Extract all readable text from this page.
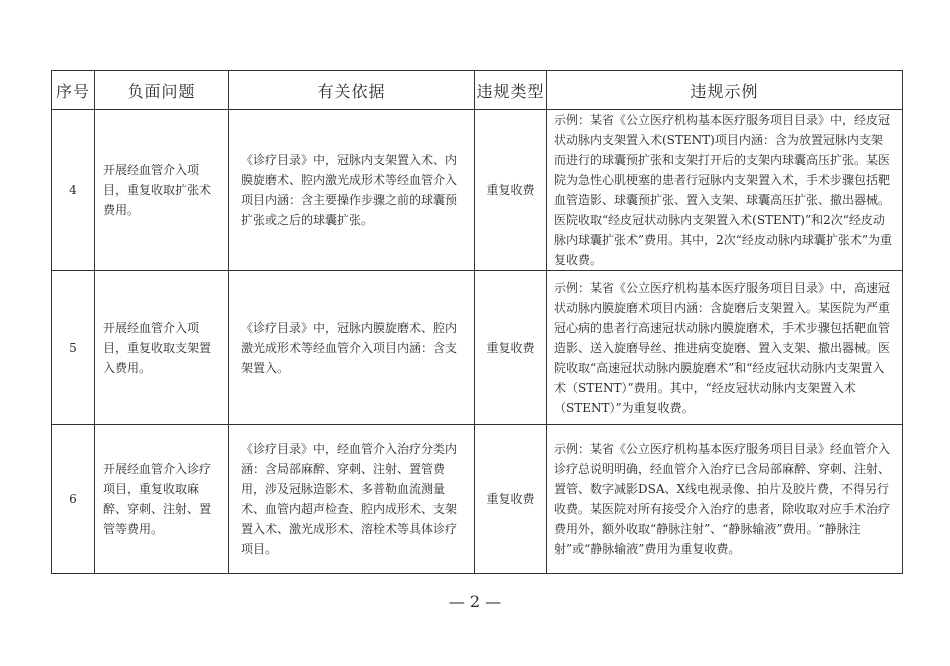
序号	负面问题	有关依据	违规类型	违规示例
4	开展经血管介入项目，重复收取扩张术费用。	《诊疗目录》中，冠脉内支架置入术、内膜旋磨术、腔内激光成形术等经血管介入项目内涵：含主要操作步骤之前的球囊预扩张或之后的球囊扩张。	重复收费	示例：某省《公立医疗机构基本医疗服务项目目录》中，经皮冠状动脉内支架置入术(STENT)项目内涵：含为放置冠脉内支架而进行的球囊预扩张和支架打开后的支架内球囊高压扩张。某医院为急性心肌梗塞的患者行冠脉内支架置入术，手术步骤包括靶血管造影、球囊预扩张、置入支架、球囊高压扩张、撤出器械。医院收取“经皮冠状动脉内支架置入术(STENT)”和2次“经皮动脉内球囊扩张术”费用。其中，2次“经皮动脉内球囊扩张术”为重复收费。
5	开展经血管介入项目，重复收取支架置入费用。	《诊疗目录》中，冠脉内膜旋磨术、腔内激光成形术等经血管介入项目内涵：含支架置入。	重复收费	示例：某省《公立医疗机构基本医疗服务项目目录》中，高速冠状动脉内膜旋磨术项目内涵：含旋磨后支架置入。某医院为严重冠心病的患者行高速冠状动脉内膜旋磨术，手术步骤包括靶血管造影、送入旋磨导丝、推进病变旋磨、置入支架、撤出器械。医院收取“高速冠状动脉内膜旋磨术”和“经皮冠状动脉内支架置入术（STENT）”费用。其中，“经皮冠状动脉内支架置入术（STENT）”为重复收费。
6	开展经血管介入诊疗项目，重复收取麻醉、穿刺、注射、置管等费用。	《诊疗目录》中，经血管介入治疗分类内涵：含局部麻醉、穿刺、注射、置管费用，涉及冠脉造影术、多普勒血流测量术、血管内超声检查、腔内成形术、支架置入术、激光成形术、溶栓术等具体诊疗项目。	重复收费	示例：某省《公立医疗机构基本医疗服务项目目录》经血管介入诊疗总说明明确，经血管介入治疗已含局部麻醉、穿刺、注射、置管、数字减影DSA、X线电视录像、拍片及胶片费，不得另行收费。某医院对所有接受介入治疗的患者，除收取对应手术治疗费用外，额外收取“静脉注射”、“静脉输液”费用。“静脉注射”或“静脉输液”费用为重复收费。
— 2 —
